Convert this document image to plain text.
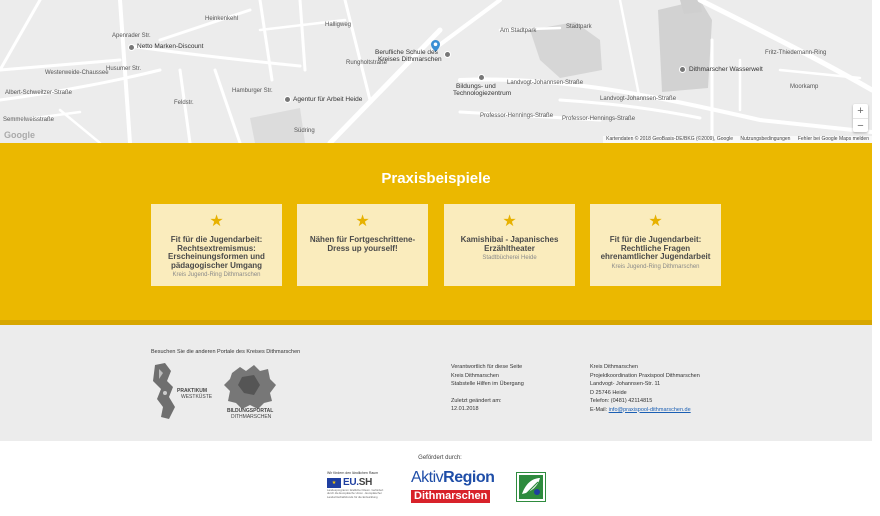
Apenrader Str.
Netto Marken-Discount
Heinkenkehl
Halligweg
Berufliche Schule des
Kreises Dithmarschen
Stadtpark
Am Stadtpark
Landvogt-Johannsen-Straße
Landvogt-Johannsen-Straße
Bildungs- und
Technologiezentrum
Agentur für Arbeit Heide
Dithmarscher Wasserwelt
Fritz-Thiedemann-Ring
Moorkamp
Professor-Hennings-Straße Professor-Hennings-Straße
Albert-Schweitzer-Straße
Semmelweisstraße
Husumer Str.
Westerweide-Chaussee
Feldstr.
Hamburger Str.
Rungholtstraße
Südring
+
−
Google	Kartendaten © 2018 GeoBasis-DE/BKG (©2009), Google Nutzungsbedingungen Fehler bei Google Maps melden
Praxisbeispiele
★
Fit für die Jugendarbeit: Rechtsextremismus: Erscheinungsformen und pädagogischer Umgang
Kreis Jugend-Ring Dithmarschen
★
Nähen für Fortgeschrittene- Dress up yourself!
★
Kamishibai - Japanisches Erzähltheater
Stadtbücherei Heide
★
Fit für die Jugendarbeit: Rechtliche Fragen ehrenamtlicher Jugendarbeit
Kreis Jugend-Ring Dithmarschen
Besuchen Sie die anderen Portale des Kreises Dithmarschen
PRAKTIKUM
WESTKÜSTE
BILDUNGSPORTAL
DITHMARSCHEN
Verantwortlich für diese Seite
Kreis Dithmarschen
Stabstelle Hilfen im Übergang
Zuletzt geändert am:
12.01.2018
Kreis Dithmarschen
Projektkoordination Praxispool Dithmarschen
Landvogt- Johannsen-Str. 11
D 25746 Heide
Telefon: (0481) 42114815
E-Mail: info@praxispool-dithmarschen.de
Gefördert durch:
Wir fördern den ländlichen Raum
★ EU.SH
Landesprogramm ländlicher Raum. Gefördert
durch die Europäische Union - Europäischer
Landwirtschaftsfonds für die Entwicklung
AktivRegion
Dithmarschen
